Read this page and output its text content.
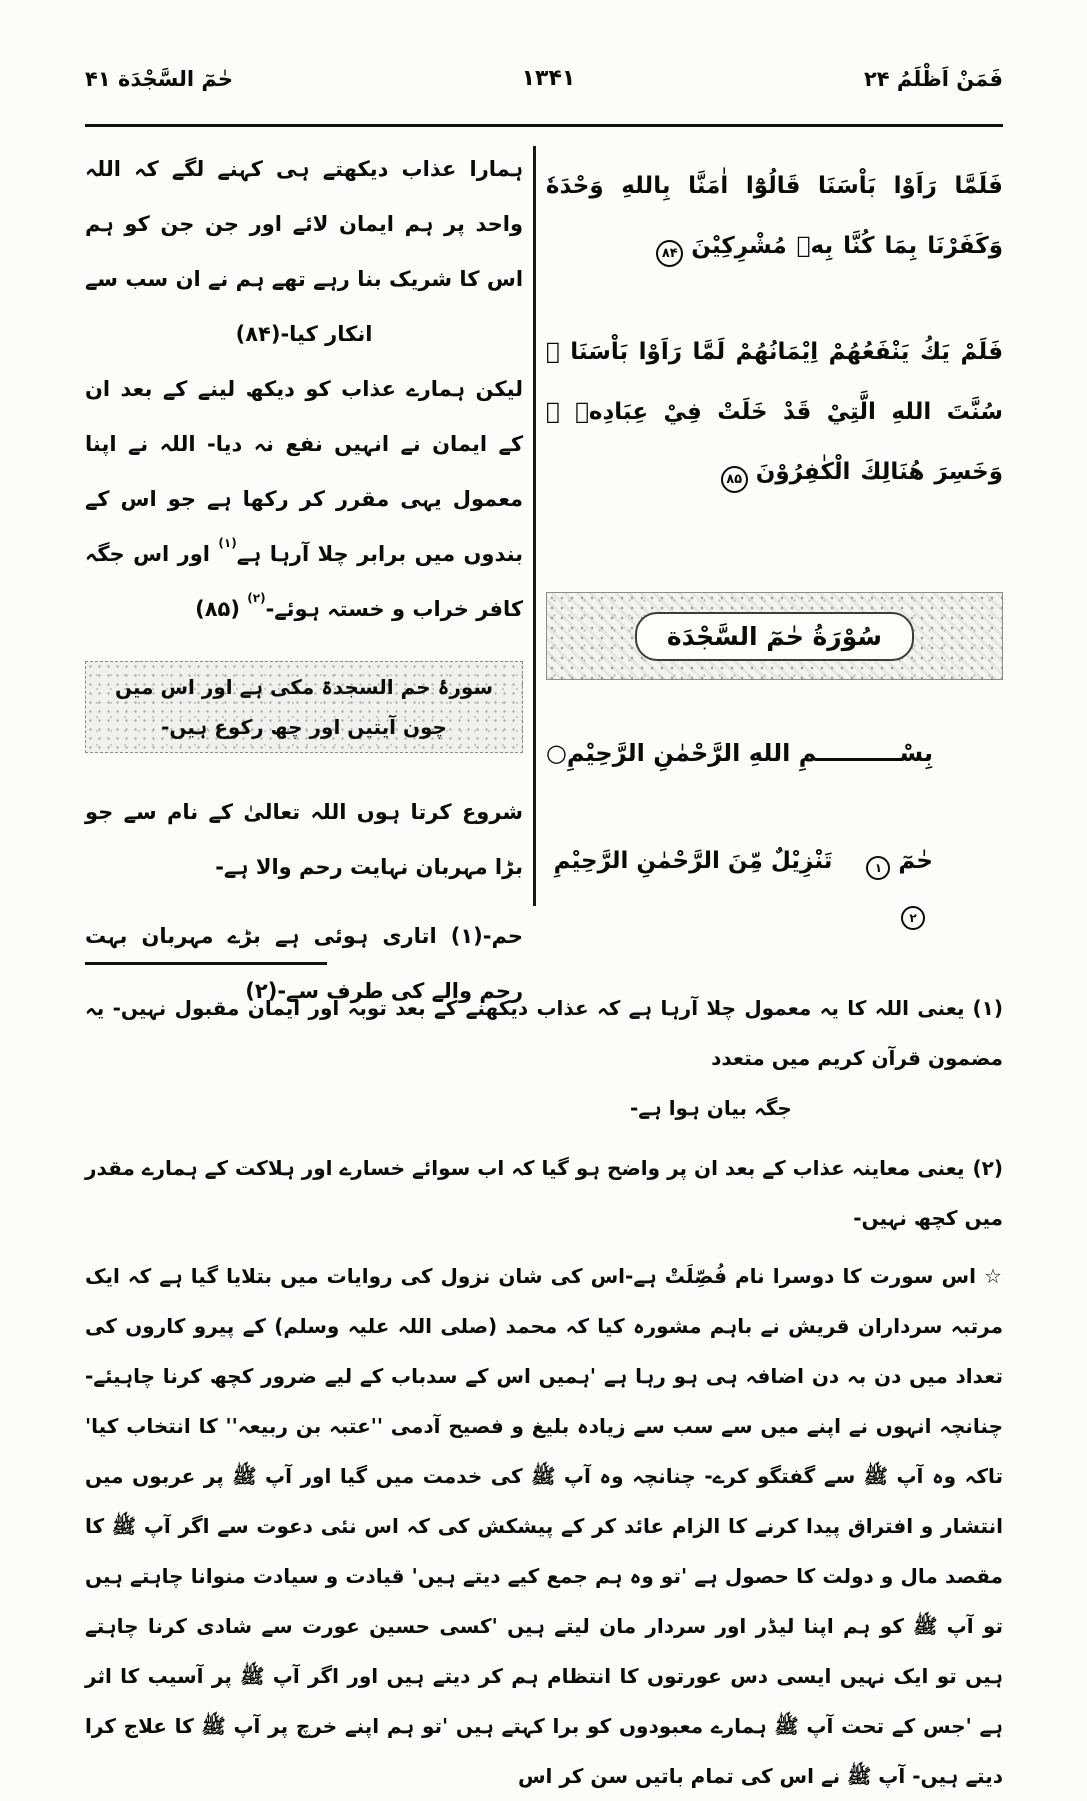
حٰمٓ السَّجْدَة ۴۱	۱۳۴۱	فَمَنْ اَظْلَمُ ۲۴

ہمارا عذاب دیکھتے ہی کہنے لگے کہ اللہ واحد پر ہم ایمان لائے اور جن جن کو ہم اس کا شریک بنا رہے تھے ہم نے ان سب سے انکار کیا-(۸۴)

لیکن ہمارے عذاب کو دیکھ لینے کے بعد ان کے ایمان نے انہیں نفع نہ دیا- اللہ نے اپنا معمول یہی مقرر کر رکھا ہے جو اس کے بندوں میں برابر چلا آرہا ہے$^{(۱)}$ اور اس جگہ کافر خراب و خستہ ہوئے-$^{(۲)}$ (۸۵)

سورۂ حم السجدۃ مکی ہے اور اس میں چون آیتیں اور چھ رکوع ہیں-

شروع کرتا ہوں اللہ تعالیٰ کے نام سے جو بڑا مہربان نہایت رحم والا ہے-

حم-(۱) اتاری ہوئی ہے بڑے مہربان بہت رحم والے کی طرف سے-(۲)

فَلَمَّا رَاَوْا بَاْسَنَا قَالُوْٓا اٰمَنَّا بِاللهِ وَحْدَهٗ وَكَفَرْنَا بِمَا كُنَّا بِهٖ مُشْرِكِيْنَ۸۴

فَلَمْ يَكُ يَنْفَعُهُمْ اِيْمَانُهُمْ لَمَّا رَاَوْا بَاْسَنَا ۚ سُنَّتَ اللهِ الَّتِيْ قَدْ خَلَتْ فِيْ عِبَادِهٖ ۚ وَخَسِرَ هُنَالِكَ الْكٰفِرُوْنَ۸۵

سُوْرَةُ حٰمٓ السَّجْدَة

بِسْــــــــــمِ اللهِ الرَّحْمٰنِ الرَّحِيْمِ○

حٰمٓ۱تَنْزِيْلٌ مِّنَ الرَّحْمٰنِ الرَّحِيْمِ۲

(۱)یعنی اللہ کا یہ معمول چلا آرہا ہے کہ عذاب دیکھنے کے بعد توبہ اور ایمان مقبول نہیں- یہ مضمون قرآن کریم میں متعدد

جگہ بیان ہوا ہے-

(۲)یعنی معاینہ عذاب کے بعد ان پر واضح ہو گیا کہ اب سوائے خسارے اور ہلاکت کے ہمارے مقدر میں کچھ نہیں-

☆اس سورت کا دوسرا نام فُصِّلَتْ ہے-اس کی شان نزول کی روایات میں بتلایا گیا ہے کہ ایک مرتبہ سرداران قریش نے باہم مشورہ کیا کہ محمد (صلی اللہ علیہ وسلم) کے پیرو کاروں کی تعداد میں دن بہ دن اضافہ ہی ہو رہا ہے 'ہمیں اس کے سدباب کے لیے ضرور کچھ کرنا چاہیئے- چنانچہ انہوں نے اپنے میں سے سب سے زیادہ بلیغ و فصیح آدمی ''عتبہ بن ربیعہ'' کا انتخاب کیا' تاکہ وہ آپ ﷺ سے گفتگو کرے- چنانچہ وہ آپ ﷺ کی خدمت میں گیا اور آپ ﷺ پر عربوں میں انتشار و افتراق پیدا کرنے کا الزام عائد کر کے پیشکش کی کہ اس نئی دعوت سے اگر آپ ﷺ کا مقصد مال و دولت کا حصول ہے 'تو وہ ہم جمع کیے دیتے ہیں' قیادت و سیادت منوانا چاہتے ہیں تو آپ ﷺ کو ہم اپنا لیڈر اور سردار مان لیتے ہیں 'کسی حسین عورت سے شادی کرنا چاہتے ہیں تو ایک نہیں ایسی دس عورتوں کا انتظام ہم کر دیتے ہیں اور اگر آپ ﷺ پر آسیب کا اثر ہے 'جس کے تحت آپ ﷺ ہمارے معبودوں کو برا کہتے ہیں 'تو ہم اپنے خرچ پر آپ ﷺ کا علاج کرا دیتے ہیں- آپ ﷺ نے اس کی تمام باتیں سن کر اس
